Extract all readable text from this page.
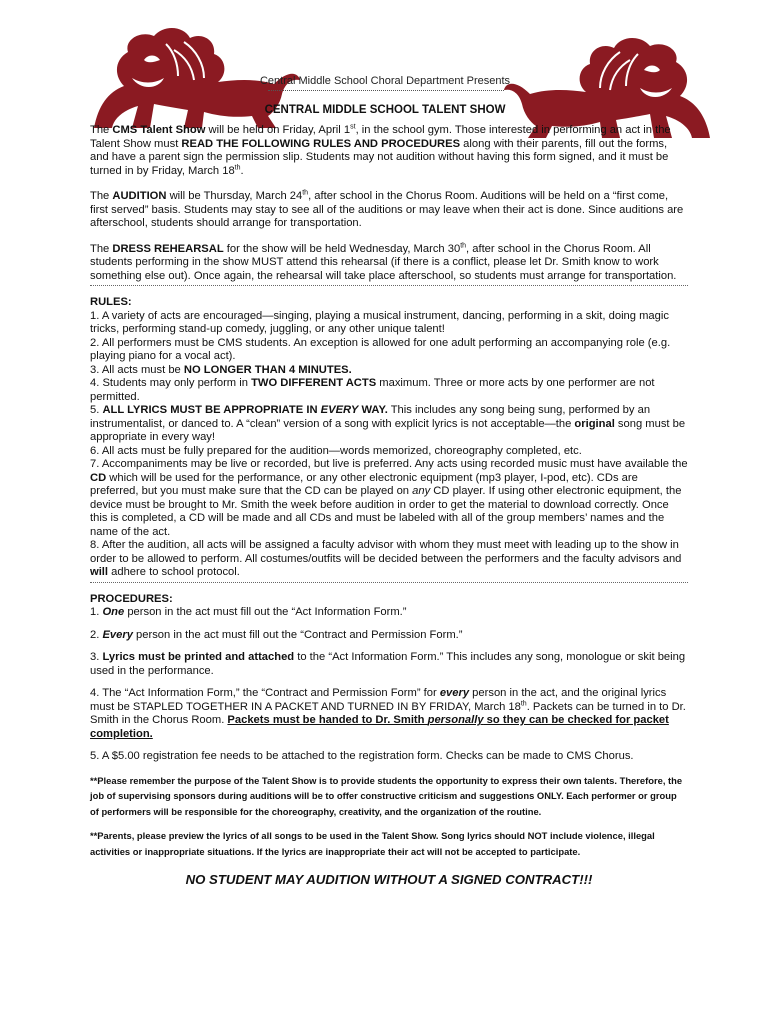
Central Middle School Choral Department Presents
CENTRAL MIDDLE SCHOOL TALENT SHOW

The CMS Talent Show will be held on Friday, April 1st, in the school gym. Those interested in performing an act in the Talent Show must READ THE FOLLOWING RULES AND PROCEDURES along with their parents, fill out the forms, and have a parent sign the permission slip. Students may not audition without having this form signed, and it must be turned in by Friday, March 18th.

The AUDITION will be Thursday, March 24th, after school in the Chorus Room. Auditions will be held on a “first come, first served” basis. Students may stay to see all of the auditions or may leave when their act is done. Since auditions are afterschool, students should arrange for transportation.

The DRESS REHEARSAL for the show will be held Wednesday, March 30th, after school in the Chorus Room. All students performing in the show MUST attend this rehearsal (if there is a conflict, please let Dr. Smith know to work something else out). Once again, the rehearsal will take place afterschool, so students must arrange for transportation.

RULES:

1. A variety of acts are encouraged—singing, playing a musical instrument, dancing, performing in a skit, doing magic tricks, performing stand-up comedy, juggling, or any other unique talent!

2. All performers must be CMS students. An exception is allowed for one adult performing an accompanying role (e.g. playing piano for a vocal act).

3. All acts must be NO LONGER THAN 4 MINUTES.

4. Students may only perform in TWO DIFFERENT ACTS maximum. Three or more acts by one performer are not permitted.

5. ALL LYRICS MUST BE APPROPRIATE IN EVERY WAY. This includes any song being sung, performed by an instrumentalist, or danced to. A “clean” version of a song with explicit lyrics is not acceptable—the original song must be appropriate in every way!

6. All acts must be fully prepared for the audition—words memorized, choreography completed, etc.

7. Accompaniments may be live or recorded, but live is preferred. Any acts using recorded music must have available the CD which will be used for the performance, or any other electronic equipment (mp3 player, I-pod, etc). CDs are preferred, but you must make sure that the CD can be played on any CD player. If using other electronic equipment, the device must be brought to Mr. Smith the week before audition in order to get the material to download correctly. Once this is completed, a CD will be made and all CDs and must be labeled with all of the group members’ names and the name of the act.

8. After the audition, all acts will be assigned a faculty advisor with whom they must meet with leading up to the show in order to be allowed to perform. All costumes/outfits will be decided between the performers and the faculty advisors and will adhere to school protocol.

PROCEDURES:

1. One person in the act must fill out the “Act Information Form.”

2. Every person in the act must fill out the “Contract and Permission Form.”

3. Lyrics must be printed and attached to the “Act Information Form.” This includes any song, monologue or skit being used in the performance.

4. The “Act Information Form,” the “Contract and Permission Form” for every person in the act, and the original lyrics must be STAPLED TOGETHER IN A PACKET AND TURNED IN BY FRIDAY, March 18th. Packets can be turned in to Dr. Smith in the Chorus Room. Packets must be handed to Dr. Smith personally so they can be checked for packet completion.

5. A $5.00 registration fee needs to be attached to the registration form. Checks can be made to CMS Chorus.

**Please remember the purpose of the Talent Show is to provide students the opportunity to express their own talents. Therefore, the job of supervising sponsors during auditions will be to offer constructive criticism and suggestions ONLY. Each performer or group of performers will be responsible for the choreography, creativity, and the organization of the routine.

**Parents, please preview the lyrics of all songs to be used in the Talent Show. Song lyrics should NOT include violence, illegal activities or inappropriate situations. If the lyrics are inappropriate their act will not be accepted to participate.

NO STUDENT MAY AUDITION WITHOUT A SIGNED CONTRACT!!!
